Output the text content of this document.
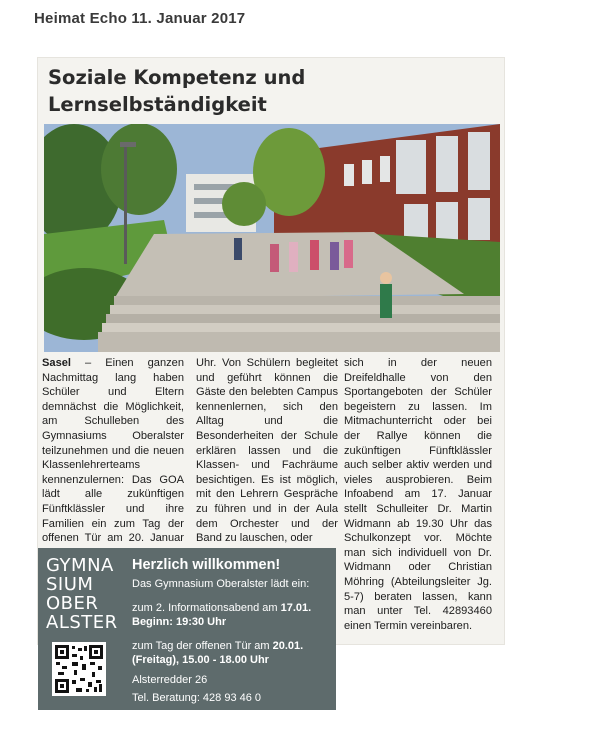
Heimat Echo 11. Januar 2017
Soziale Kompetenz und
Lernselbständigkeit
Sasel – Einen ganzen Nachmittag lang haben Schüler und Eltern demnächst die Möglichkeit, am Schulleben des Gymnasiums Oberalster teilzunehmen und die neuen Klassenlehrerteams kennenzulernen: Das GOA lädt alle zukünftigen Fünftklässler und ihre Familien ein zum Tag der offenen Tür am 20. Januar
Uhr. Von Schülern begleitet und geführt können die Gäste den belebten Campus kennenlernen, sich den Alltag und die Besonderheiten der Schule erklären lassen und die Klassen- und Fachräume besichtigen. Es ist möglich, mit den Lehrern Gespräche zu führen und in der Aula dem Orchester und der Band zu lauschen, oder
sich in der neuen Dreifeldhalle von den Sportangeboten der Schüler begeistern zu lassen. Im Mitmachunterricht oder bei der Rallye können die zukünftigen Fünftklässler auch selber aktiv werden und vieles ausprobieren. Beim Infoabend am 17. Januar stellt Schulleiter Dr. Martin Widmann ab 19.30 Uhr das Schulkonzept vor. Möchte man sich individuell von Dr. Widmann oder Christian Möhring (Abteilungsleiter Jg. 5-7) beraten lassen, kann man unter Tel. 42893460 einen Termin vereinbaren.
GYMNA
SIUM
OBER
ALSTER
Herzlich willkommen!
Das Gymnasium Oberalster lädt ein:
zum 2. Informationsabend am 17.01.
Beginn: 19:30 Uhr
zum Tag der offenen Tür am 20.01.
(Freitag), 15.00 - 18.00 Uhr
Alsterredder 26
Tel. Beratung: 428 93 46 0
